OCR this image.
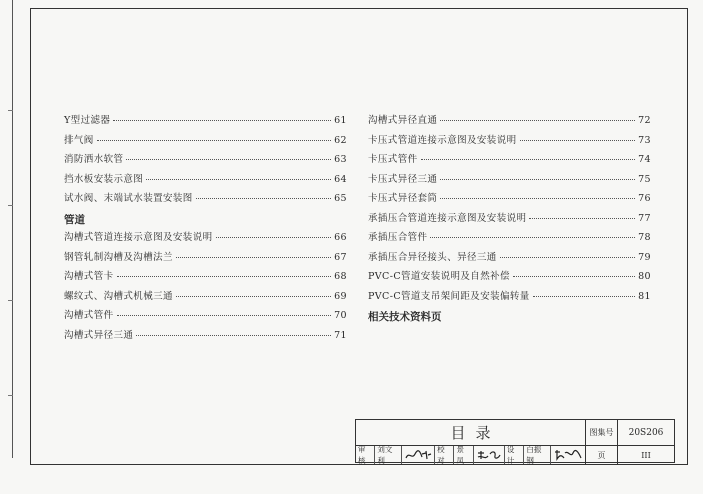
Y型过滤器	61
排气阀	62
消防洒水软管	63
挡水板安装示意图	64
试水阀、末端试水装置安装图	65
管道
沟槽式管道连接示意图及安装说明	66
钢管轧制沟槽及沟槽法兰	67
沟槽式管卡	68
螺纹式、沟槽式机械三通	69
沟槽式管件	70
沟槽式异径三通	71
沟槽式异径直通	72
卡压式管道连接示意图及安装说明	73
卡压式管件	74
卡压式异径三通	75
卡压式异径套筒	76
承插压合管道连接示意图及安装说明	77
承插压合管件	78
承插压合异径接头、异径三通	79
PVC-C管道安装说明及自然补偿	80
PVC-C管道支吊架间距及安装偏转量	81
相关技术资料页
目录	图集号	20S206
页	III
审核
刘文利
校对
景凤
设计
白振钢
